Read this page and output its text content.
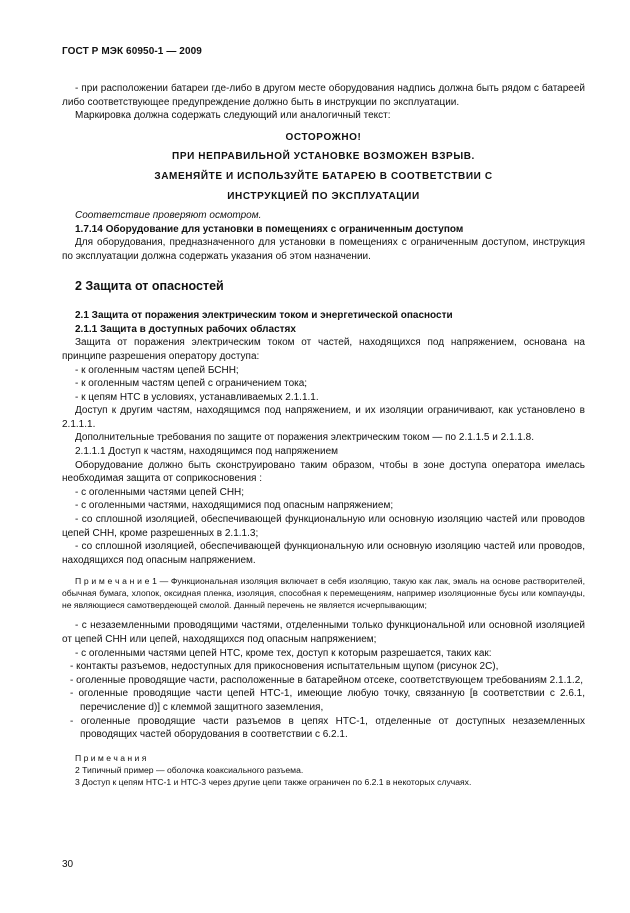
ГОСТ Р МЭК 60950-1 — 2009

- при расположении батареи где-либо в другом месте оборудования надпись должна быть рядом с батареей либо соответствующее предупреждение должно быть в инструкции по эксплуатации.

Маркировка должна содержать следующий или аналогичный текст:

ОСТОРОЖНО!

ПРИ НЕПРАВИЛЬНОЙ УСТАНОВКЕ ВОЗМОЖЕН ВЗРЫВ.

ЗАМЕНЯЙТЕ И ИСПОЛЬЗУЙТЕ БАТАРЕЮ В СООТВЕТСТВИИ С

ИНСТРУКЦИЕЙ ПО ЭКСПЛУАТАЦИИ

Соответствие проверяют осмотром.

1.7.14 Оборудование для установки в помещениях с ограниченным доступом

Для оборудования, предназначенного для установки в помещениях с ограниченным доступом, инструкция по эксплуатации должна содержать указания об этом назначении.

2 Защита от опасностей

2.1 Защита от поражения электрическим током и энергетической опасности

2.1.1 Защита в доступных рабочих областях

Защита от поражения электрическим током от частей, находящихся под напряжением, основана на принципе разрешения оператору доступа:

- к оголенным частям цепей БСНН;

- к оголенным частям цепей с ограничением тока;

- к цепям НТС в условиях, устанавливаемых 2.1.1.1.

Доступ к другим частям, находящимся под напряжением, и их изоляции ограничивают, как установлено в 2.1.1.1.

Дополнительные требования по защите от поражения электрическим током — по 2.1.1.5 и 2.1.1.8.

2.1.1.1 Доступ к частям, находящимся под напряжением

Оборудование должно быть сконструировано таким образом, чтобы в зоне доступа оператора имелась необходимая защита от соприкосновения :

- с оголенными частями цепей СНН;

- с оголенными частями, находящимися под опасным напряжением;

- со сплошной изоляцией, обеспечивающей функциональную или основную изоляцию частей или проводов цепей СНН, кроме разрешенных в 2.1.1.3;

- со сплошной изоляцией, обеспечивающей функциональную или основную изоляцию частей или проводов, находящихся под опасным напряжением.

П р и м е ч а н и е 1 — Функциональная изоляция включает в себя изоляцию, такую как лак, эмаль на основе растворителей, обычная бумага, хлопок, оксидная пленка, изоляция, способная к перемещениям, например изоляционные бусы или компаунды, не являющиеся самотвердеющей смолой. Данный перечень не является исчерпывающим;

- с незаземленными проводящими частями, отделенными только функциональной или основной изоляцией от цепей СНН или цепей, находящихся под опасным напряжением;

- с оголенными частями цепей НТС, кроме тех, доступ к которым разрешается, таких как:

- контакты разъемов, недоступных для прикосновения испытательным щупом (рисунок 2С),

- оголенные проводящие части, расположенные в батарейном отсеке, соответствующем требованиям 2.1.1.2,

- оголенные проводящие части цепей НТС-1, имеющие любую точку, связанную [в соответствии с 2.6.1, перечисление d)] с клеммой защитного заземления,

- оголенные проводящие части разъемов в цепях НТС-1, отделенные от доступных незаземленных проводящих частей оборудования в соответствии с 6.2.1.

П р и м е ч а н и я

2 Типичный пример — оболочка коаксиального разъема.

3 Доступ к цепям НТС-1 и НТС-3 через другие цепи также ограничен по 6.2.1 в некоторых случаях.

30
